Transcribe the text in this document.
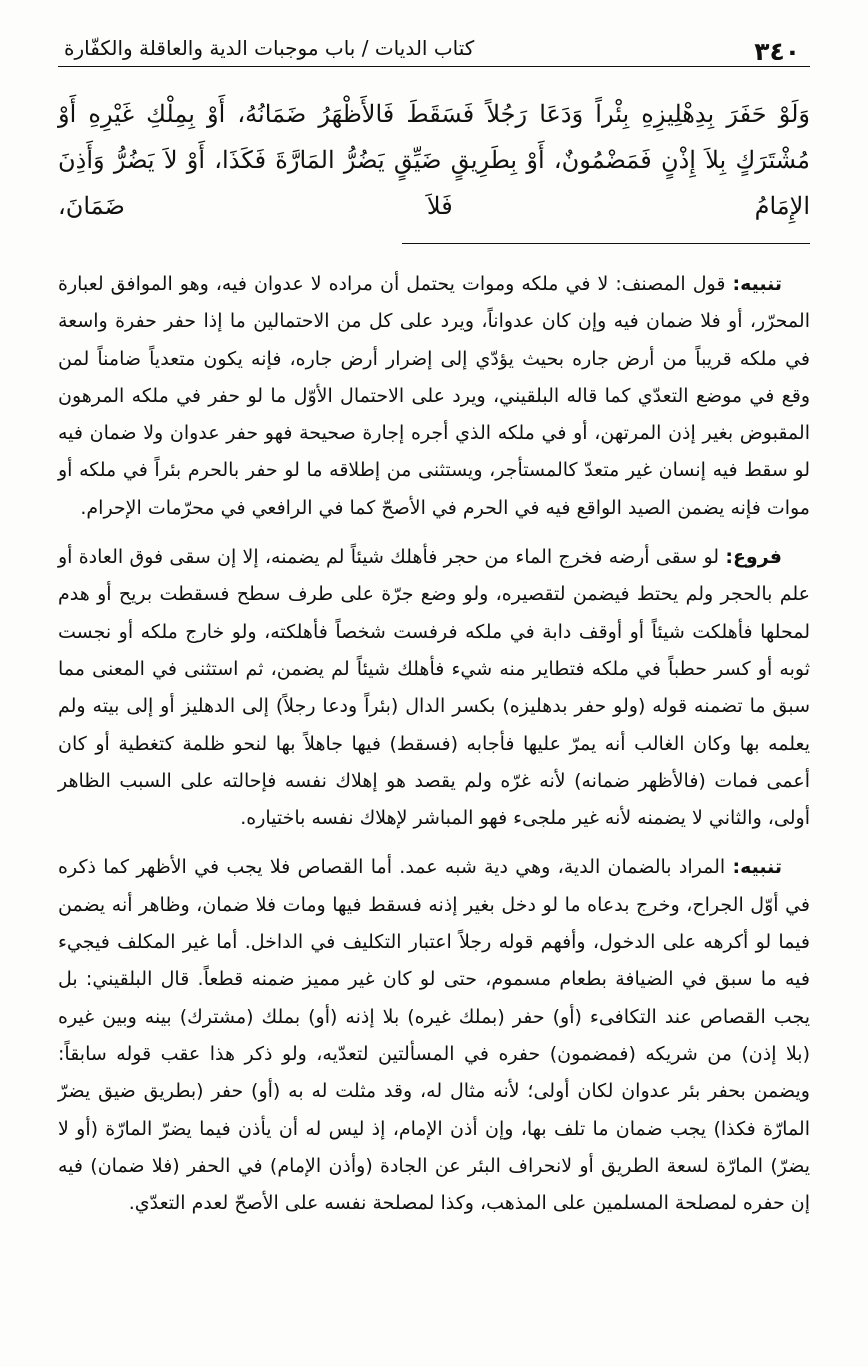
٣٤٠
كتاب الديات / باب موجبات الدية والعاقلة والكفّارة

وَلَوْ حَفَرَ بِدِهْلِيزِهِ بِئْراً وَدَعَا رَجُلاً فَسَقَطَ فَالأَظْهَرُ ضَمَانُهُ، أَوْ بِمِلْكِ غَيْرِهِ أَوْ مُشْتَرَكٍ بِلاَ إِذْنٍ فَمَضْمُونٌ، أَوْ بِطَرِيقٍ ضَيِّقٍ يَضُرُّ المَارَّةَ فَكَذَا، أَوْ لاَ يَضُرُّ وَأَذِنَ الإِمَامُ فَلاَ ضَمَانَ،

تنبيه: قول المصنف: لا في ملكه وموات يحتمل أن مراده لا عدوان فيه، وهو الموافق لعبارة المحرّر، أو فلا ضمان فيه وإن كان عدواناً، ويرد على كل من الاحتمالين ما إذا حفر حفرة واسعة في ملكه قريباً من أرض جاره بحيث يؤدّي إلى إضرار أرض جاره، فإنه يكون متعدياً ضامناً لمن وقع في موضع التعدّي كما قاله البلقيني، ويرد على الاحتمال الأوّل ما لو حفر في ملكه المرهون المقبوض بغير إذن المرتهن، أو في ملكه الذي أجره إجارة صحيحة فهو حفر عدوان ولا ضمان فيه لو سقط فيه إنسان غير متعدّ كالمستأجر، ويستثنى من إطلاقه ما لو حفر بالحرم بئراً في ملكه أو موات فإنه يضمن الصيد الواقع فيه في الحرم في الأصحّ كما في الرافعي في محرّمات الإحرام.

فروع: لو سقى أرضه فخرج الماء من حجر فأهلك شيئاً لم يضمنه، إلا إن سقى فوق العادة أو علم بالحجر ولم يحتط فيضمن لتقصيره، ولو وضع جرّة على طرف سطح فسقطت بريح أو هدم لمحلها فأهلكت شيئاً أو أوقف دابة في ملكه فرفست شخصاً فأهلكته، ولو خارج ملكه أو نجست ثوبه أو كسر حطباً في ملكه فتطاير منه شيء فأهلك شيئاً لم يضمن، ثم استثنى في المعنى مما سبق ما تضمنه قوله (ولو حفر بدهليزه) بكسر الدال (بئراً ودعا رجلاً) إلى الدهليز أو إلى بيته ولم يعلمه بها وكان الغالب أنه يمرّ عليها فأجابه (فسقط) فيها جاهلاً بها لنحو ظلمة كتغطية أو كان أعمى فمات (فالأظهر ضمانه) لأنه غرّه ولم يقصد هو إهلاك نفسه فإحالته على السبب الظاهر أولى، والثاني لا يضمنه لأنه غير ملجىء فهو المباشر لإهلاك نفسه باختياره.

تنبيه: المراد بالضمان الدية، وهي دية شبه عمد. أما القصاص فلا يجب في الأظهر كما ذكره في أوّل الجراح، وخرج بدعاه ما لو دخل بغير إذنه فسقط فيها ومات فلا ضمان، وظاهر أنه يضمن فيما لو أكرهه على الدخول، وأفهم قوله رجلاً اعتبار التكليف في الداخل. أما غير المكلف فيجيء فيه ما سبق في الضيافة بطعام مسموم، حتى لو كان غير مميز ضمنه قطعاً. قال البلقيني: بل يجب القصاص عند التكافىء (أو) حفر (بملك غيره) بلا إذنه (أو) بملك (مشترك) بينه وبين غيره (بلا إذن) من شريكه (فمضمون) حفره في المسألتين لتعدّيه، ولو ذكر هذا عقب قوله سابقاً: ويضمن بحفر بئر عدوان لكان أولى؛ لأنه مثال له، وقد مثلت له به (أو) حفر (بطريق ضيق يضرّ المارّة فكذا) يجب ضمان ما تلف بها، وإن أذن الإمام، إذ ليس له أن يأذن فيما يضرّ المارّة (أو لا يضرّ) المارّة لسعة الطريق أو لانحراف البئر عن الجادة (وأذن الإمام) في الحفر (فلا ضمان) فيه إن حفره لمصلحة المسلمين على المذهب، وكذا لمصلحة نفسه على الأصحّ لعدم التعدّي.
